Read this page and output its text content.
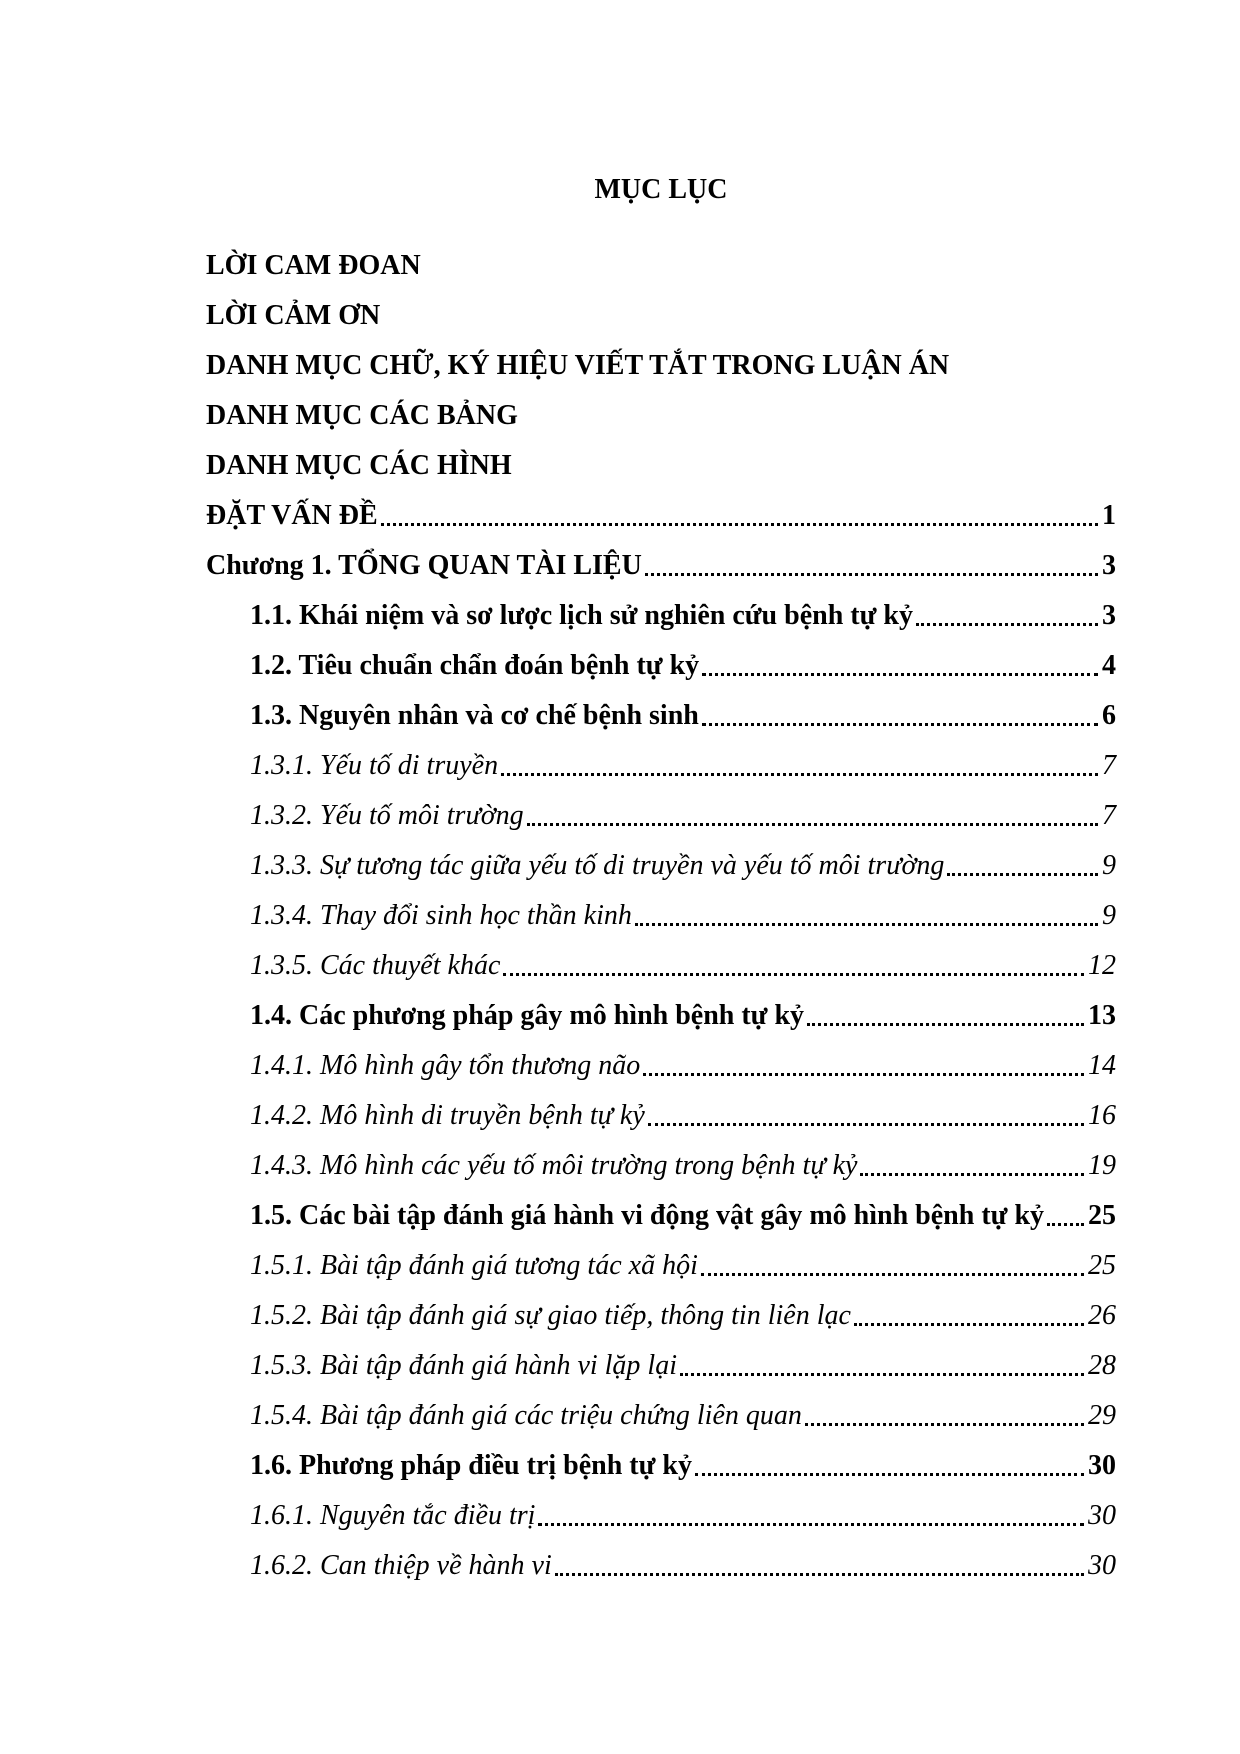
MỤC LỤC
LỜI CAM ĐOAN
LỜI CẢM ƠN
DANH MỤC CHỮ, KÝ HIỆU VIẾT TẮT TRONG LUẬN ÁN
DANH MỤC CÁC BẢNG
DANH MỤC CÁC HÌNH
ĐẶT VẤN ĐỀ	1
Chương 1. TỔNG QUAN TÀI LIỆU	3
1.1. Khái niệm và sơ lược lịch sử nghiên cứu bệnh tự kỷ	3
1.2. Tiêu chuẩn chẩn đoán bệnh tự kỷ	4
1.3. Nguyên nhân và cơ chế bệnh sinh	6
1.3.1. Yếu tố di truyền	7
1.3.2. Yếu tố môi trường	7
1.3.3. Sự tương tác giữa yếu tố di truyền và yếu tố môi trường	9
1.3.4. Thay đổi sinh học thần kinh	9
1.3.5. Các thuyết khác	12
1.4. Các phương pháp gây mô hình bệnh tự kỷ	13
1.4.1. Mô hình gây tổn thương não	14
1.4.2. Mô hình di truyền bệnh tự kỷ	16
1.4.3. Mô hình các yếu tố môi trường trong bệnh tự kỷ	19
1.5. Các bài tập đánh giá hành vi động vật gây mô hình bệnh tự kỷ 25
1.5.1. Bài tập đánh giá tương tác xã hội	25
1.5.2. Bài tập đánh giá sự giao tiếp, thông tin liên lạc	26
1.5.3. Bài tập đánh giá hành vi lặp lại	28
1.5.4. Bài tập đánh giá các triệu chứng liên quan	29
1.6. Phương pháp điều trị bệnh tự kỷ	30
1.6.1. Nguyên tắc điều trị	30
1.6.2. Can thiệp về hành vi	30
